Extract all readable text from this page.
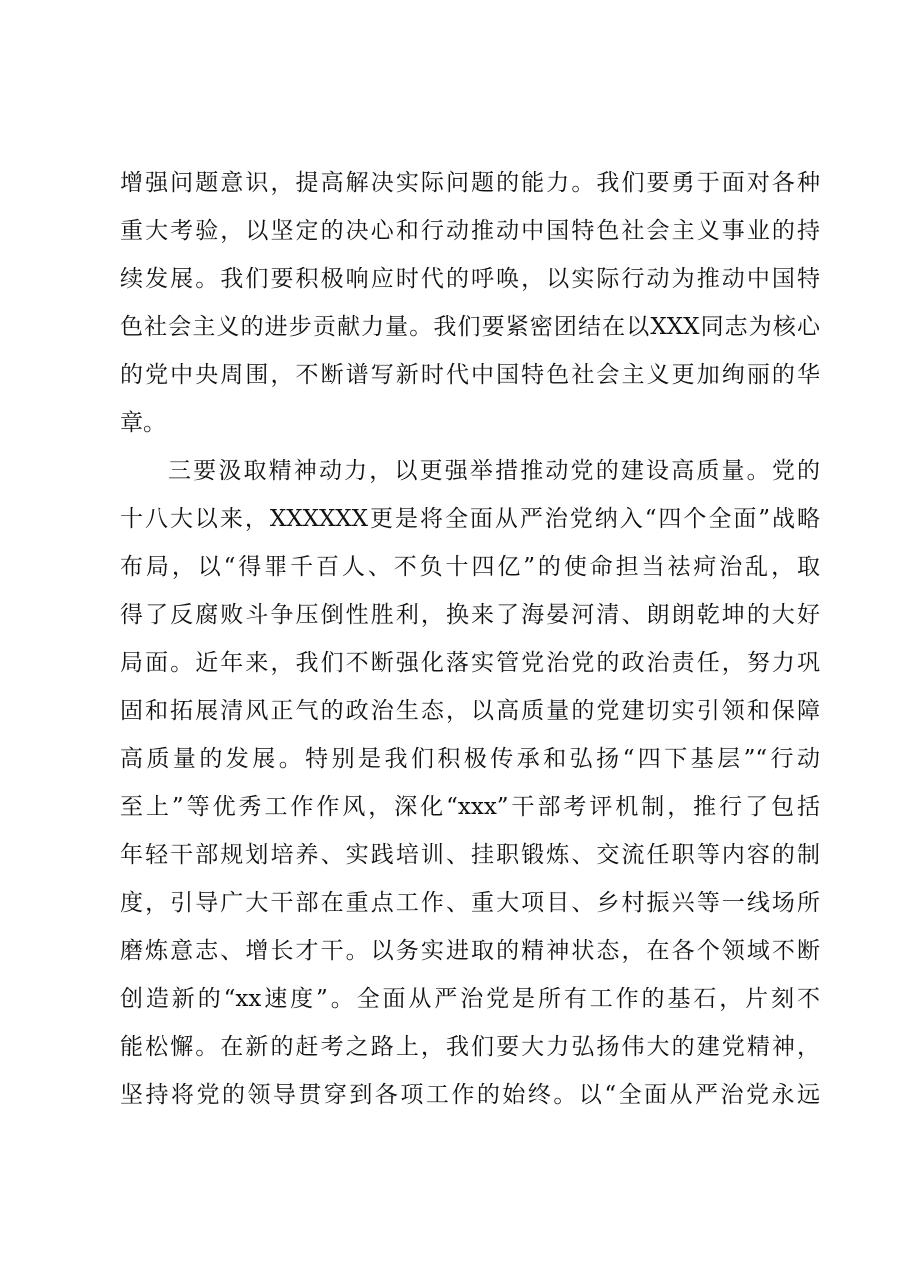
增强问题意识，提高解决实际问题的能力。我们要勇于面对各种
重大考验，以坚定的决心和行动推动中国特色社会主义事业的持
续发展。我们要积极响应时代的呼唤，以实际行动为推动中国特
色社会主义的进步贡献力量。我们要紧密团结在以XXX同志为核心
的党中央周围，不断谱写新时代中国特色社会主义更加绚丽的华
章。
三要汲取精神动力，以更强举措推动党的建设高质量。党的
十八大以来，XXXXXX更是将全面从严治党纳入“四个全面”战略
布局，以“得罪千百人、不负十四亿”的使命担当祛疴治乱，取
得了反腐败斗争压倒性胜利，换来了海晏河清、朗朗乾坤的大好
局面。近年来，我们不断强化落实管党治党的政治责任，努力巩
固和拓展清风正气的政治生态，以高质量的党建切实引领和保障
高质量的发展。特别是我们积极传承和弘扬“四下基层”“行动
至上”等优秀工作作风，深化“xxx”干部考评机制，推行了包括
年轻干部规划培养、实践培训、挂职锻炼、交流任职等内容的制
度，引导广大干部在重点工作、重大项目、乡村振兴等一线场所
磨炼意志、增长才干。以务实进取的精神状态，在各个领域不断
创造新的“xx速度”。全面从严治党是所有工作的基石，片刻不
能松懈。在新的赶考之路上，我们要大力弘扬伟大的建党精神，
坚持将党的领导贯穿到各项工作的始终。以“全面从严治党永远
